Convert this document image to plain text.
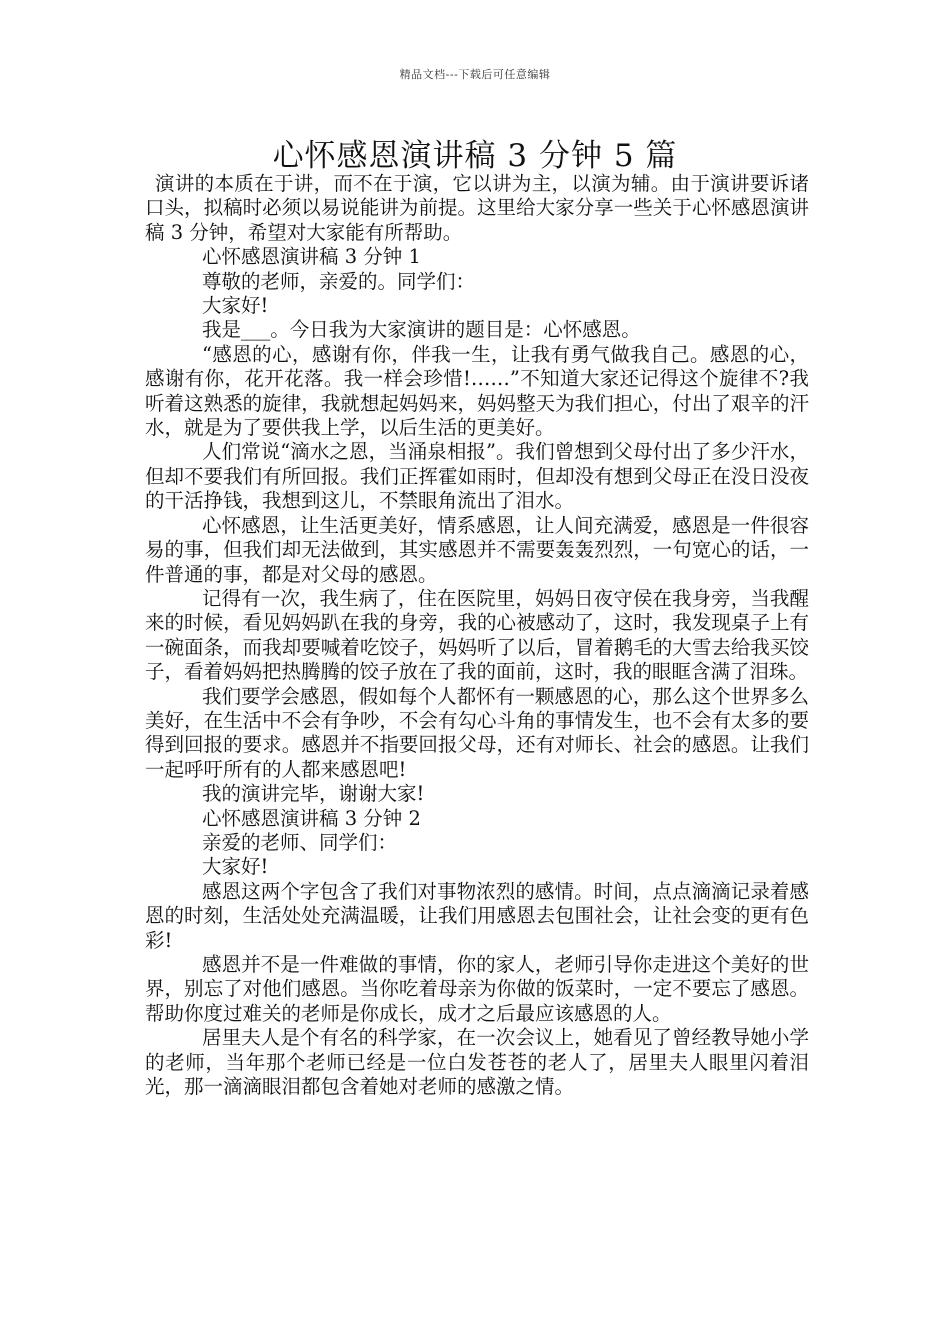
精品文档---下载后可任意编辑
心怀感恩演讲稿 3 分钟 5 篇

演讲的本质在于讲，而不在于演，它以讲为主，以演为辅。由于演讲要诉诸口头，拟稿时必须以易说能讲为前提。这里给大家分享一些关于心怀感恩演讲稿 3 分钟，希望对大家能有所帮助。

心怀感恩演讲稿 3 分钟 1

尊敬的老师，亲爱的。同学们：

大家好!

我是___。今日我为大家演讲的题目是：心怀感恩。

“感恩的心，感谢有你，伴我一生，让我有勇气做我自己。感恩的心，感谢有你，花开花落。我一样会珍惜!……”不知道大家还记得这个旋律不?我听着这熟悉的旋律，我就想起妈妈来，妈妈整天为我们担心，付出了艰辛的汗水，就是为了要供我上学，以后生活的更美好。

人们常说“滴水之恩，当涌泉相报”。我们曾想到父母付出了多少汗水，但却不要我们有所回报。我们正挥霍如雨时，但却没有想到父母正在没日没夜的干活挣钱，我想到这儿，不禁眼角流出了泪水。

心怀感恩，让生活更美好，情系感恩，让人间充满爱，感恩是一件很容易的事，但我们却无法做到，其实感恩并不需要轰轰烈烈，一句宽心的话，一件普通的事，都是对父母的感恩。

记得有一次，我生病了，住在医院里，妈妈日夜守侯在我身旁，当我醒来的时候，看见妈妈趴在我的身旁，我的心被感动了，这时，我发现桌子上有一碗面条，而我却要喊着吃饺子，妈妈听了以后，冒着鹅毛的大雪去给我买饺子，看着妈妈把热腾腾的饺子放在了我的面前，这时，我的眼眶含满了泪珠。

我们要学会感恩，假如每个人都怀有一颗感恩的心，那么这个世界多么美好，在生活中不会有争吵，不会有勾心斗角的事情发生，也不会有太多的要得到回报的要求。感恩并不指要回报父母，还有对师长、社会的感恩。让我们一起呼吁所有的人都来感恩吧!

我的演讲完毕，谢谢大家!

心怀感恩演讲稿 3 分钟 2

亲爱的老师、同学们：

大家好!

感恩这两个字包含了我们对事物浓烈的感情。时间，点点滴滴记录着感恩的时刻，生活处处充满温暖，让我们用感恩去包围社会，让社会变的更有色彩!

感恩并不是一件难做的事情，你的家人，老师引导你走进这个美好的世界，别忘了对他们感恩。当你吃着母亲为你做的饭菜时，一定不要忘了感恩。帮助你度过难关的老师是你成长，成才之后最应该感恩的人。

居里夫人是个有名的科学家，在一次会议上，她看见了曾经教导她小学的老师，当年那个老师已经是一位白发苍苍的老人了，居里夫人眼里闪着泪光，那一滴滴眼泪都包含着她对老师的感激之情。
